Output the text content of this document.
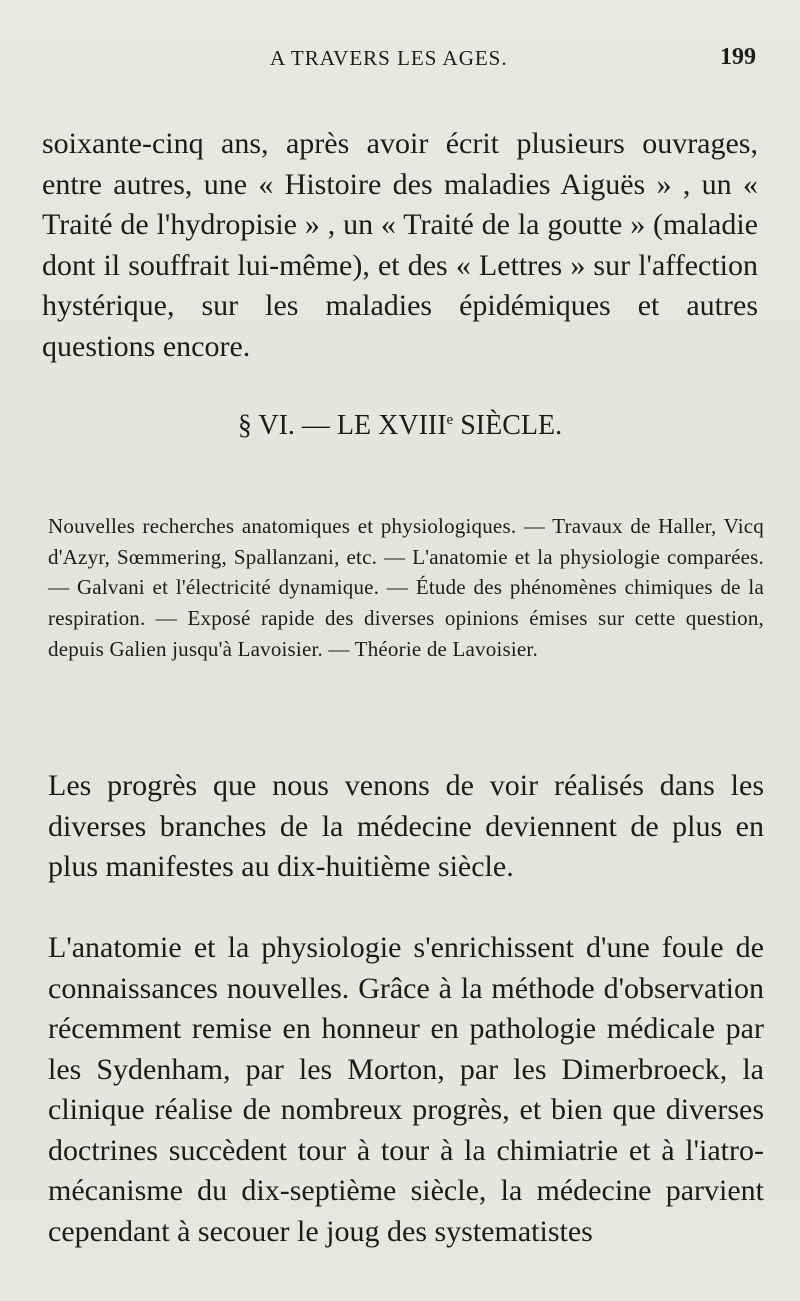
A TRAVERS LES AGES.	199

soixante-cinq ans, après avoir écrit plusieurs ouvrages, entre autres, une « Histoire des maladies Aiguës » , un « Traité de l'hydropisie » , un « Traité de la goutte » (maladie dont il souffrait lui-même), et des « Lettres » sur l'affection hystérique, sur les maladies épidémiques et autres questions encore.

§ VI. — LE XVIIIe SIÈCLE.

Nouvelles recherches anatomiques et physiologiques. — Travaux de Haller, Vicq d'Azyr, Sœmmering, Spallanzani, etc. — L'anatomie et la physiologie comparées. — Galvani et l'électricité dynamique. — Étude des phénomènes chimiques de la respiration. — Exposé rapide des diverses opinions émises sur cette question, depuis Galien jusqu'à Lavoisier. — Théorie de Lavoisier.

Les progrès que nous venons de voir réalisés dans les diverses branches de la médecine deviennent de plus en plus manifestes au dix-huitième siècle.

L'anatomie et la physiologie s'enrichissent d'une foule de connaissances nouvelles. Grâce à la méthode d'observation récemment remise en honneur en pathologie médicale par les Sydenham, par les Morton, par les Dimerbroeck, la clinique réalise de nombreux progrès, et bien que diverses doctrines succèdent tour à tour à la chimiatrie et à l'iatro-mécanisme du dix-septième siècle, la médecine parvient cependant à secouer le joug des systematistes
